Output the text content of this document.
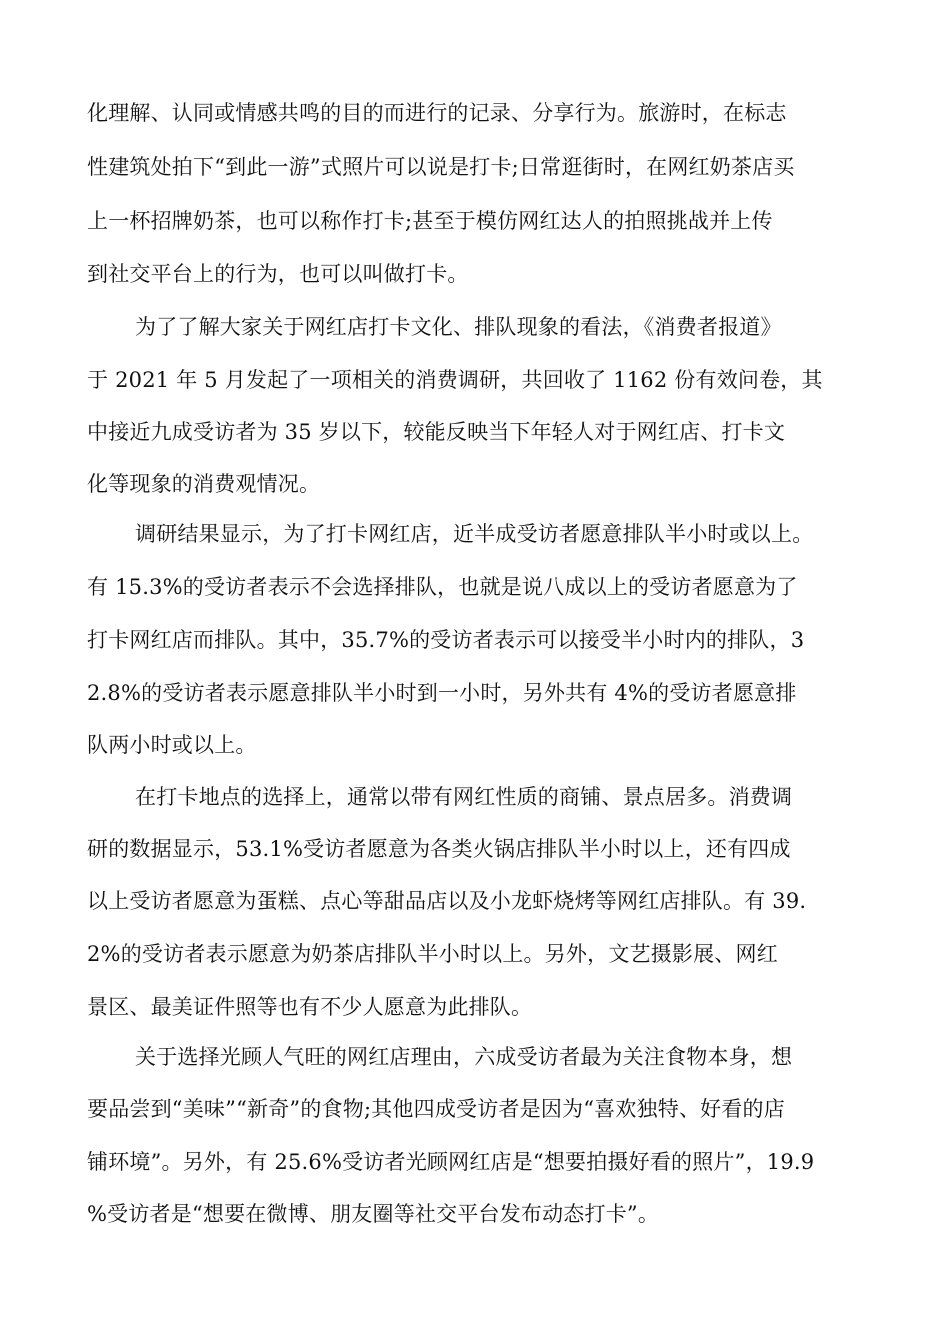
化理解、认同或情感共鸣的目的而进行的记录、分享行为。旅游时，在标志
性建筑处拍下“到此一游”式照片可以说是打卡;日常逛街时，在网红奶茶店买
上一杯招牌奶茶，也可以称作打卡;甚至于模仿网红达人的拍照挑战并上传
到社交平台上的行为，也可以叫做打卡。
为了了解大家关于网红店打卡文化、排队现象的看法，《消费者报道》
于 2021 年 5 月发起了一项相关的消费调研，共回收了 1162 份有效问卷，其
中接近九成受访者为 35 岁以下，较能反映当下年轻人对于网红店、打卡文
化等现象的消费观情况。
调研结果显示，为了打卡网红店，近半成受访者愿意排队半小时或以上。
有 15.3%的受访者表示不会选择排队，也就是说八成以上的受访者愿意为了
打卡网红店而排队。其中，35.7%的受访者表示可以接受半小时内的排队，3
2.8%的受访者表示愿意排队半小时到一小时，另外共有 4%的受访者愿意排
队两小时或以上。
在打卡地点的选择上，通常以带有网红性质的商铺、景点居多。消费调
研的数据显示，53.1%受访者愿意为各类火锅店排队半小时以上，还有四成
以上受访者愿意为蛋糕、点心等甜品店以及小龙虾烧烤等网红店排队。有 39.
2%的受访者表示愿意为奶茶店排队半小时以上。另外，文艺摄影展、网红
景区、最美证件照等也有不少人愿意为此排队。
关于选择光顾人气旺的网红店理由，六成受访者最为关注食物本身，想
要品尝到“美味”“新奇”的食物;其他四成受访者是因为“喜欢独特、好看的店
铺环境”。另外，有 25.6%受访者光顾网红店是“想要拍摄好看的照片”，19.9
%受访者是“想要在微博、朋友圈等社交平台发布动态打卡”。
